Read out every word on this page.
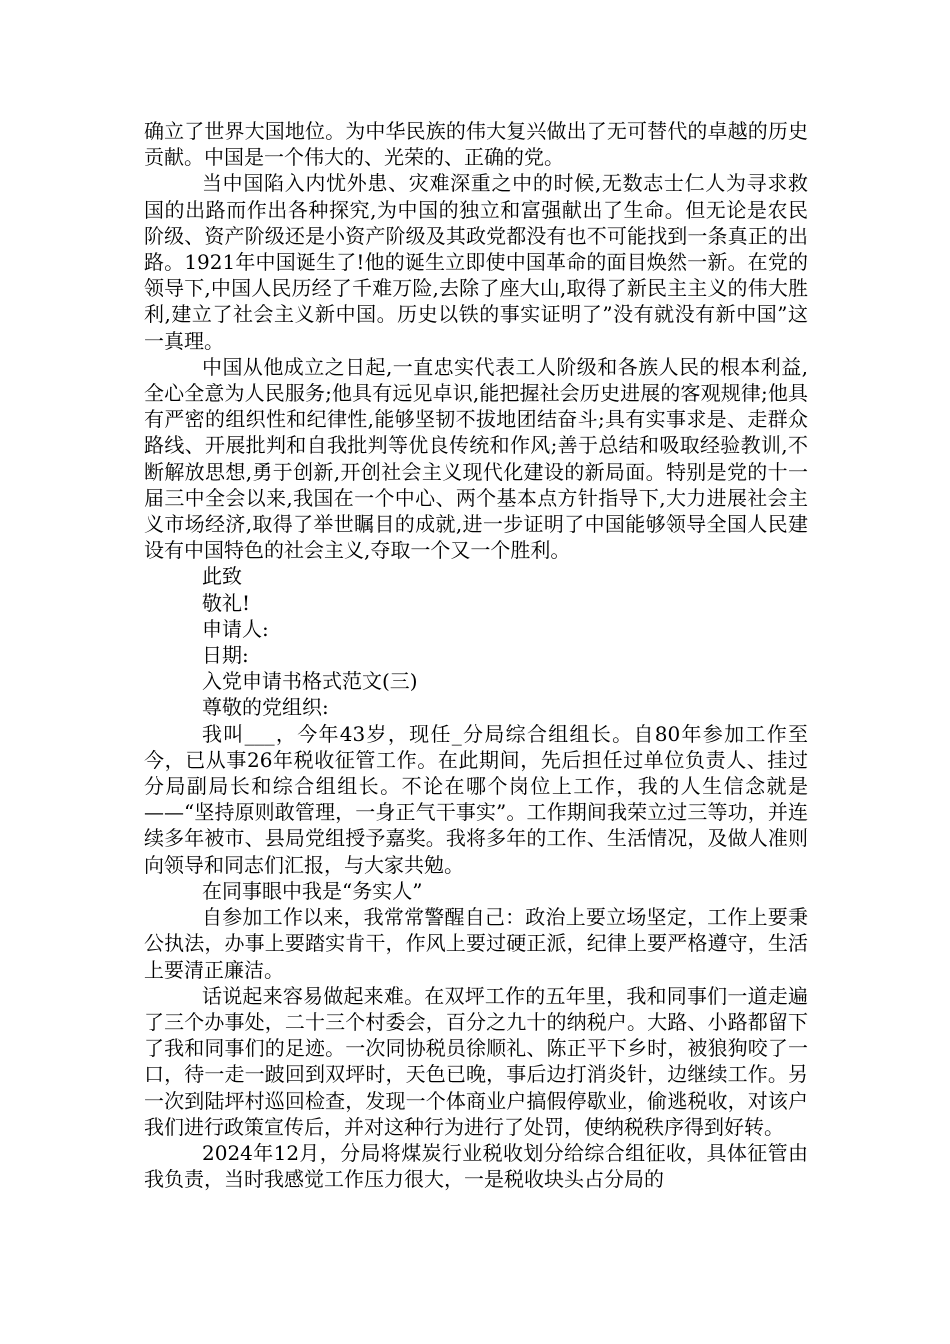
确立了世界大国地位。为中华民族的伟大复兴做出了无可替代的卓越的历史贡献。中国是一个伟大的、光荣的、正确的党。

当中国陷入内忧外患、灾难深重之中的时候,无数志士仁人为寻求救国的出路而作出各种探究,为中国的独立和富强献出了生命。但无论是农民阶级、资产阶级还是小资产阶级及其政党都没有也不可能找到一条真正的出路。1921年中国诞生了!他的诞生立即使中国革命的面目焕然一新。在党的领导下,中国人民历经了千难万险,去除了座大山,取得了新民主主义的伟大胜利,建立了社会主义新中国。历史以铁的事实证明了”没有就没有新中国”这一真理。

中国从他成立之日起,一直忠实代表工人阶级和各族人民的根本利益,全心全意为人民服务;他具有远见卓识,能把握社会历史进展的客观规律;他具有严密的组织性和纪律性,能够坚韧不拔地团结奋斗;具有实事求是、走群众路线、开展批判和自我批判等优良传统和作风;善于总结和吸取经验教训,不断解放思想,勇于创新,开创社会主义现代化建设的新局面。特别是党的十一届三中全会以来,我国在一个中心、两个基本点方针指导下,大力进展社会主义市场经济,取得了举世瞩目的成就,进一步证明了中国能够领导全国人民建设有中国特色的社会主义,夺取一个又一个胜利。

此致

敬礼!

申请人:

日期:

入党申请书格式范文(三)

尊敬的党组织:

我叫___，今年43岁，现任_分局综合组组长。自80年参加工作至今，已从事26年税收征管工作。在此期间，先后担任过单位负责人、挂过分局副局长和综合组组长。不论在哪个岗位上工作，我的人生信念就是——“坚持原则敢管理，一身正气干事实”。工作期间我荣立过三等功，并连续多年被市、县局党组授予嘉奖。我将多年的工作、生活情况，及做人准则向领导和同志们汇报，与大家共勉。

在同事眼中我是“务实人”

自参加工作以来，我常常警醒自己：政治上要立场坚定，工作上要秉公执法，办事上要踏实肯干，作风上要过硬正派，纪律上要严格遵守，生活上要清正廉洁。

话说起来容易做起来难。在双坪工作的五年里，我和同事们一道走遍了三个办事处，二十三个村委会，百分之九十的纳税户。大路、小路都留下了我和同事们的足迹。一次同协税员徐顺礼、陈正平下乡时，被狼狗咬了一口，待一走一跛回到双坪时，天色已晚，事后边打消炎针，边继续工作。另一次到陆坪村巡回检查，发现一个体商业户搞假停歇业，偷逃税收，对该户我们进行政策宣传后，并对这种行为进行了处罚，使纳税秩序得到好转。

2024年12月，分局将煤炭行业税收划分给综合组征收，具体征管由我负责，当时我感觉工作压力很大，一是税收块头占分局的
